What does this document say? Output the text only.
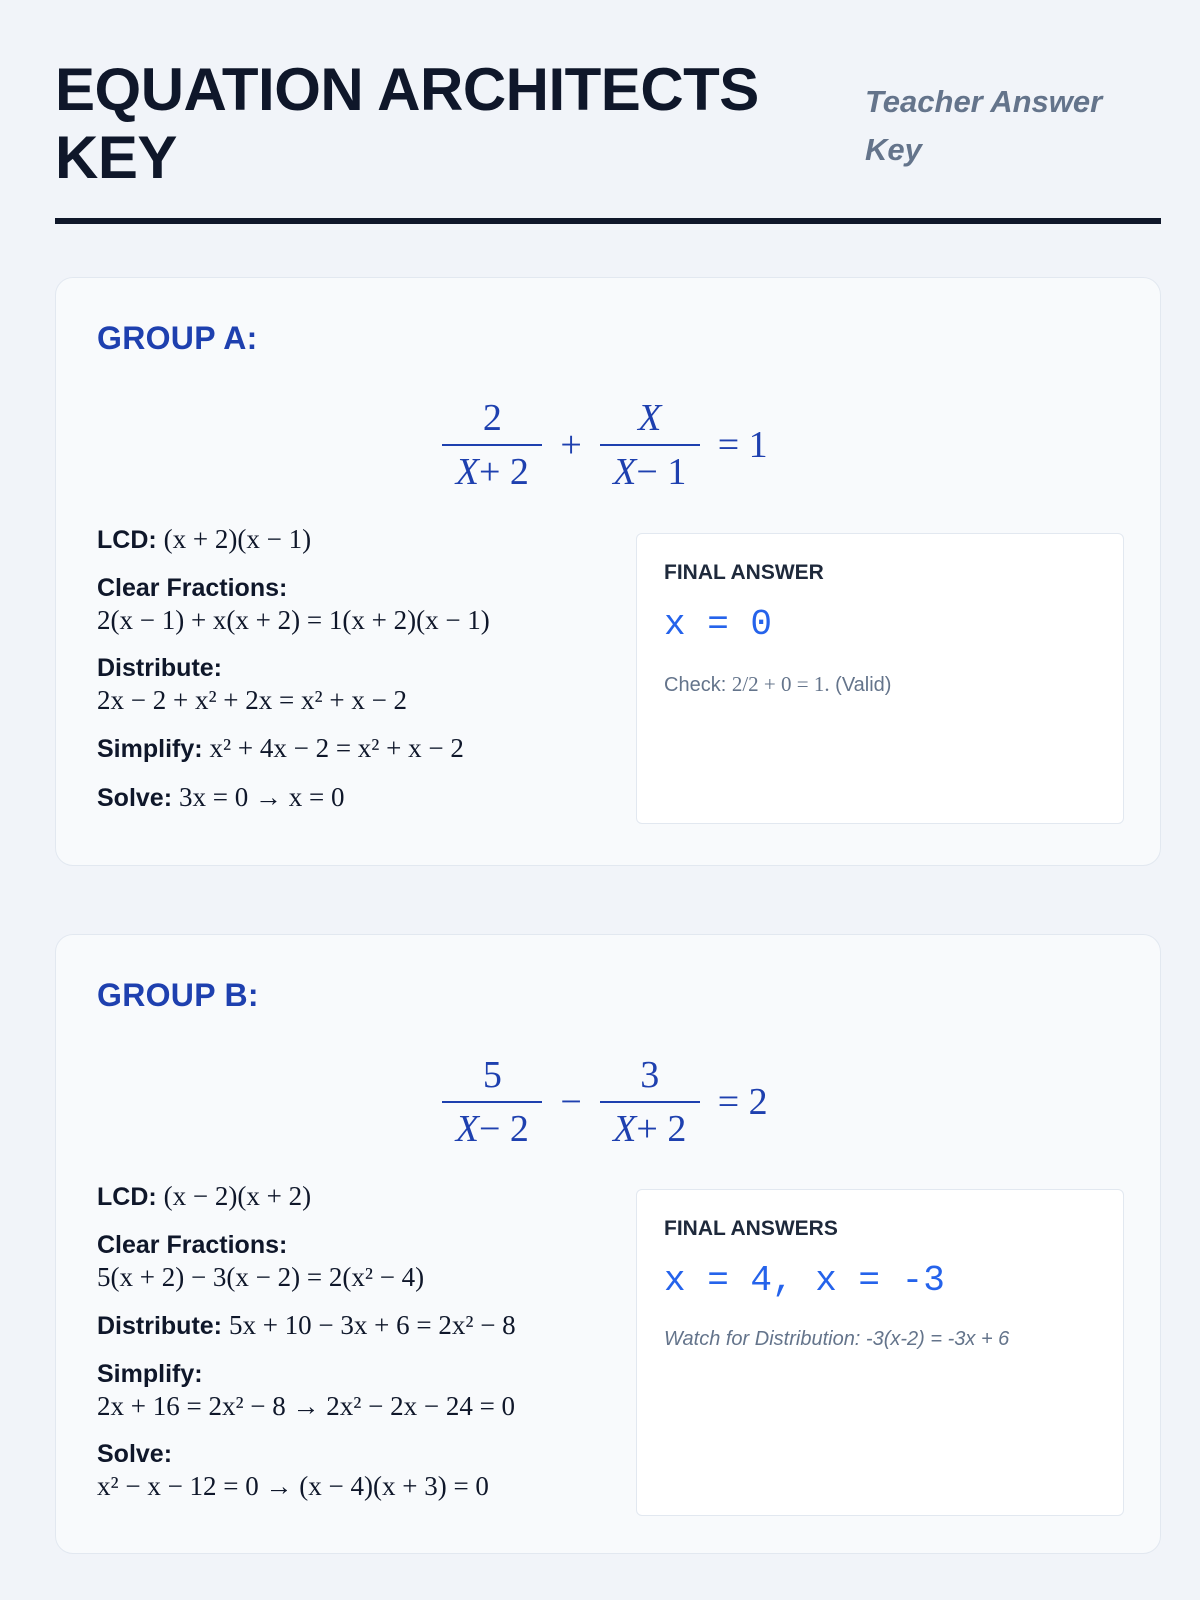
EQUATION ARCHITECTS KEY
Teacher Answer Key
GROUP A:
$\frac{2}{X+ 2} + \frac{X}{X- 1} = 1$
LCD: (x + 2)(x − 1)
Clear Fractions:
2(x − 1) + x(x + 2) = 1(x + 2)(x − 1)
Distribute:
2x − 2 + x² + 2x = x² + x − 2
Simplify: x² + 4x − 2 = x² + x − 2
Solve: 3x = 0 → x = 0
FINAL ANSWER
x = 0
Check: 2/2 + 0 = 1. (Valid)
GROUP B:
$\frac{5}{X- 2} - \frac{3}{X+ 2} = 2$
LCD: (x − 2)(x + 2)
Clear Fractions:
5(x + 2) − 3(x − 2) = 2(x² − 4)
Distribute: 5x + 10 − 3x + 6 = 2x² − 8
Simplify:
2x + 16 = 2x² − 8 → 2x² − 2x − 24 = 0
Solve:
x² − x − 12 = 0 → (x − 4)(x + 3) = 0
FINAL ANSWERS
x = 4, x = -3
Watch for Distribution: -3(x-2) = -3x + 6
